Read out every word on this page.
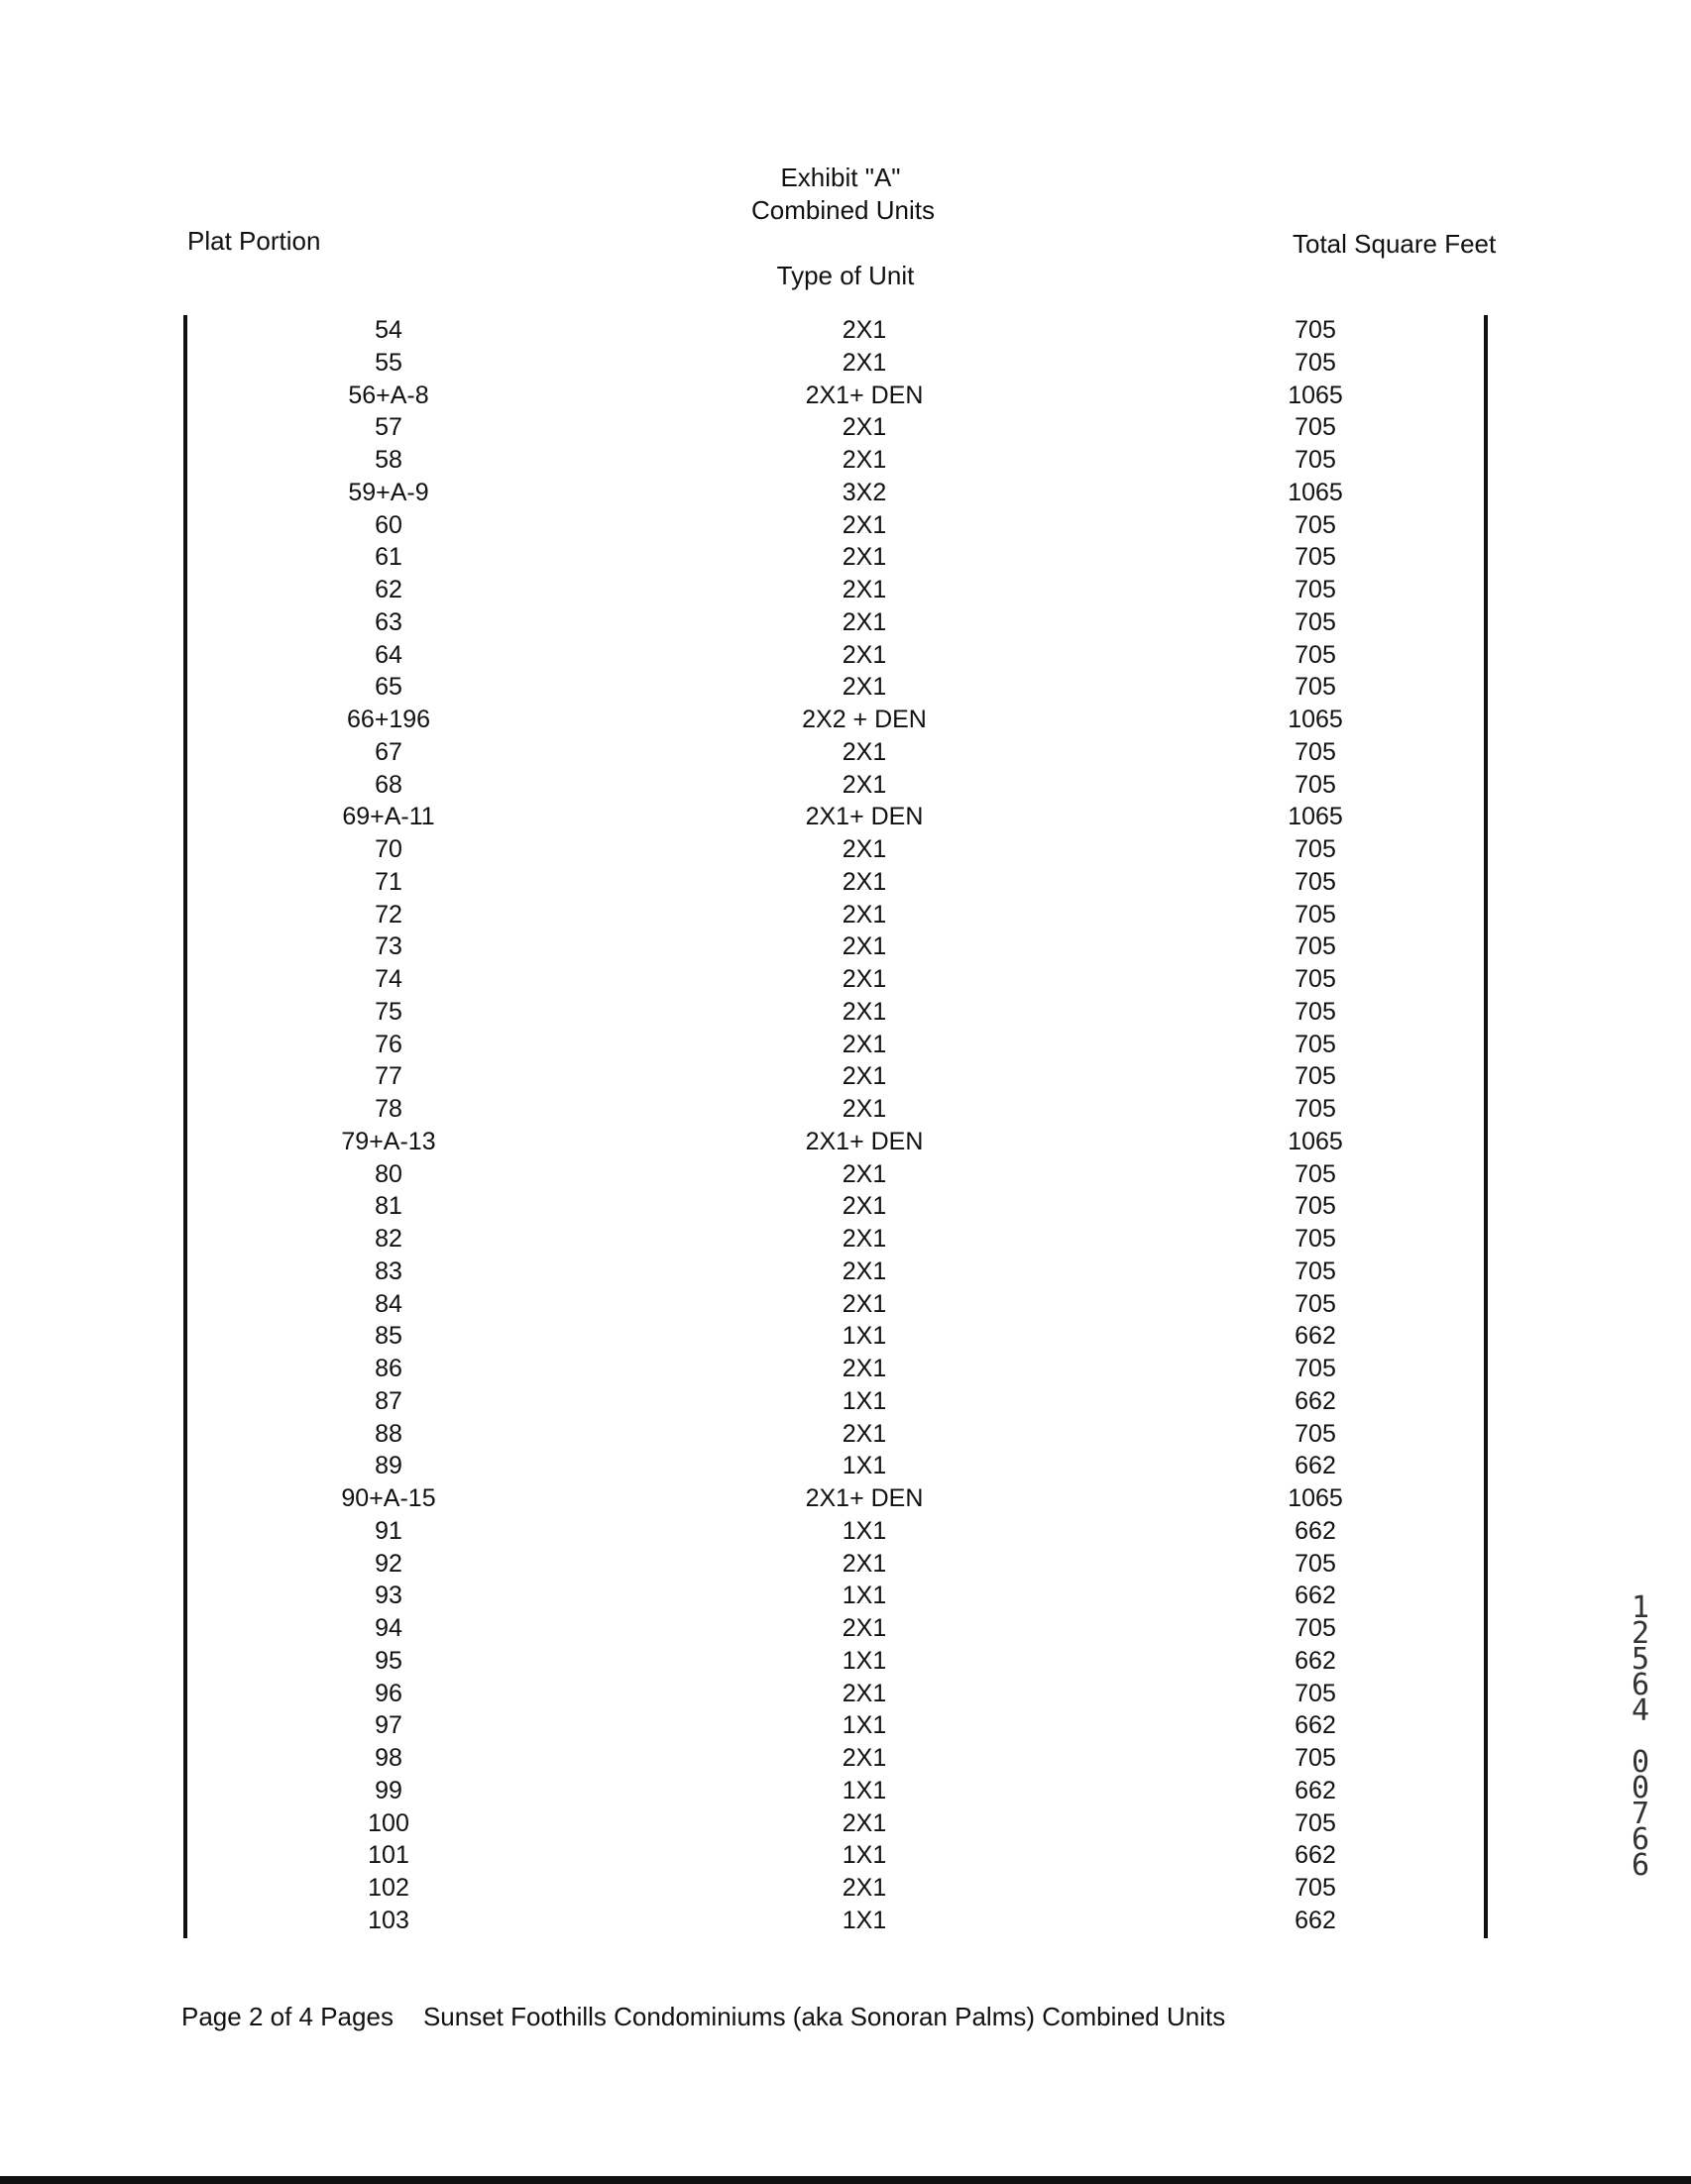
Exhibit "A"
Combined Units
Plat Portion
Type of Unit
Total Square Feet
54	2X1	705
55	2X1	705
56+A-8	2X1+ DEN	1065
57	2X1	705
58	2X1	705
59+A-9	3X2	1065
60	2X1	705
61	2X1	705
62	2X1	705
63	2X1	705
64	2X1	705
65	2X1	705
66+196	2X2 + DEN	1065
67	2X1	705
68	2X1	705
69+A-11	2X1+ DEN	1065
70	2X1	705
71	2X1	705
72	2X1	705
73	2X1	705
74	2X1	705
75	2X1	705
76	2X1	705
77	2X1	705
78	2X1	705
79+A-13	2X1+ DEN	1065
80	2X1	705
81	2X1	705
82	2X1	705
83	2X1	705
84	2X1	705
85	1X1	662
86	2X1	705
87	1X1	662
88	2X1	705
89	1X1	662
90+A-15	2X1+ DEN	1065
91	1X1	662
92	2X1	705
93	1X1	662
94	2X1	705
95	1X1	662
96	2X1	705
97	1X1	662
98	2X1	705
99	1X1	662
100	2X1	705
101	1X1	662
102	2X1	705
103	1X1	662
Page 2 of 4 Pages Sunset Foothills Condominiums (aka Sonoran Palms) Combined Units
1
2
5
6
4

0
0
7
6
6
